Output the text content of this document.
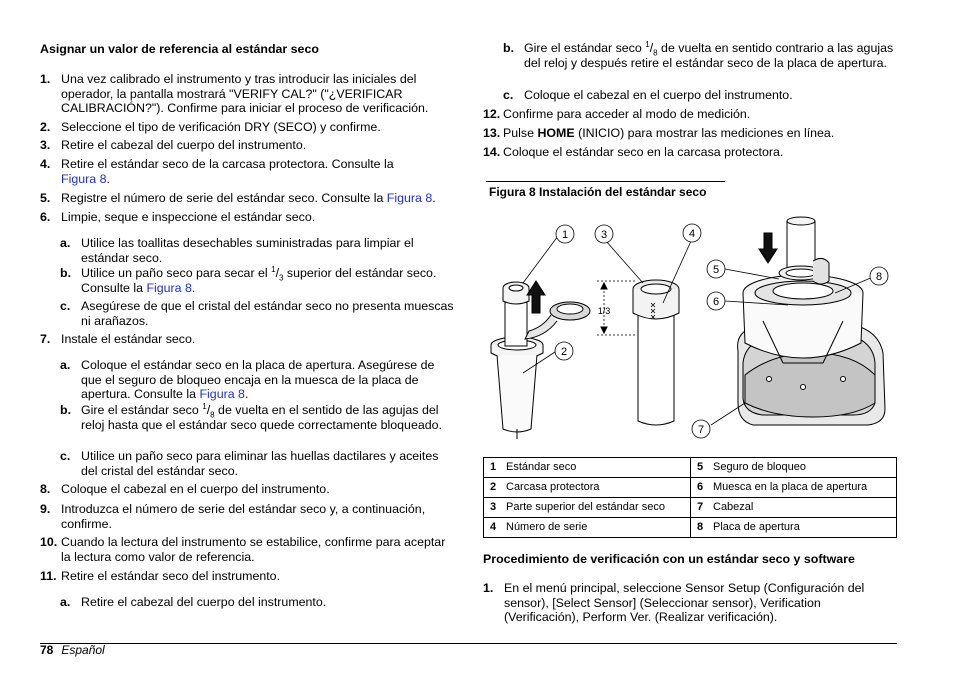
Asignar un valor de referencia al estándar seco
1. Una vez calibrado el instrumento y tras introducir las iniciales del operador, la pantalla mostrará "VERIFY CAL?" ("¿VERIFICAR CALIBRACIÓN?"). Confirme para iniciar el proceso de verificación.
2. Seleccione el tipo de verificación DRY (SECO) y confirme.
3. Retire el cabezal del cuerpo del instrumento.
4. Retire el estándar seco de la carcasa protectora. Consulte la Figura 8.
5. Registre el número de serie del estándar seco. Consulte la Figura 8.
6. Limpie, seque e inspeccione el estándar seco.
a. Utilice las toallitas desechables suministradas para limpiar el estándar seco.
b. Utilice un paño seco para secar el $^1/_3$ superior del estándar seco. Consulte la Figura 8.
c. Asegúrese de que el cristal del estándar seco no presenta muescas ni arañazos.
7. Instale el estándar seco.
a. Coloque el estándar seco en la placa de apertura. Asegúrese de que el seguro de bloqueo encaja en la muesca de la placa de apertura. Consulte la Figura 8.
b. Gire el estándar seco $^1/_8$ de vuelta en el sentido de las agujas del reloj hasta que el estándar seco quede correctamente bloqueado.
c. Utilice un paño seco para eliminar las huellas dactilares y aceites del cristal del estándar seco.
8. Coloque el cabezal en el cuerpo del instrumento.
9. Introduzca el número de serie del estándar seco y, a continuación, confirme.
10. Cuando la lectura del instrumento se estabilice, confirme para aceptar la lectura como valor de referencia.
11. Retire el estándar seco del instrumento.
a. Retire el cabezal del cuerpo del instrumento.
b. Gire el estándar seco $^1/_8$ de vuelta en sentido contrario a las agujas del reloj y después retire el estándar seco de la placa de apertura.
c. Coloque el cabezal en el cuerpo del instrumento.
12. Confirme para acceder al modo de medición.
13. Pulse HOME (INICIO) para mostrar las mediciones en línea.
14. Coloque el estándar seco en la carcasa protectora.
Figura 8 Instalación del estándar seco
1
2
3	4
5
6
7
8
1/3
1 Estándar seco	5 Seguro de bloqueo
2 Carcasa protectora	6 Muesca en la placa de apertura
3 Parte superior del estándar seco	7 Cabezal
4 Número de serie	8 Placa de apertura
Procedimiento de verificación con un estándar seco y software
1. En el menú principal, seleccione Sensor Setup (Configuración del sensor), [Select Sensor] (Seleccionar sensor), Verification (Verificación), Perform Ver. (Realizar verificación).
78 Español
